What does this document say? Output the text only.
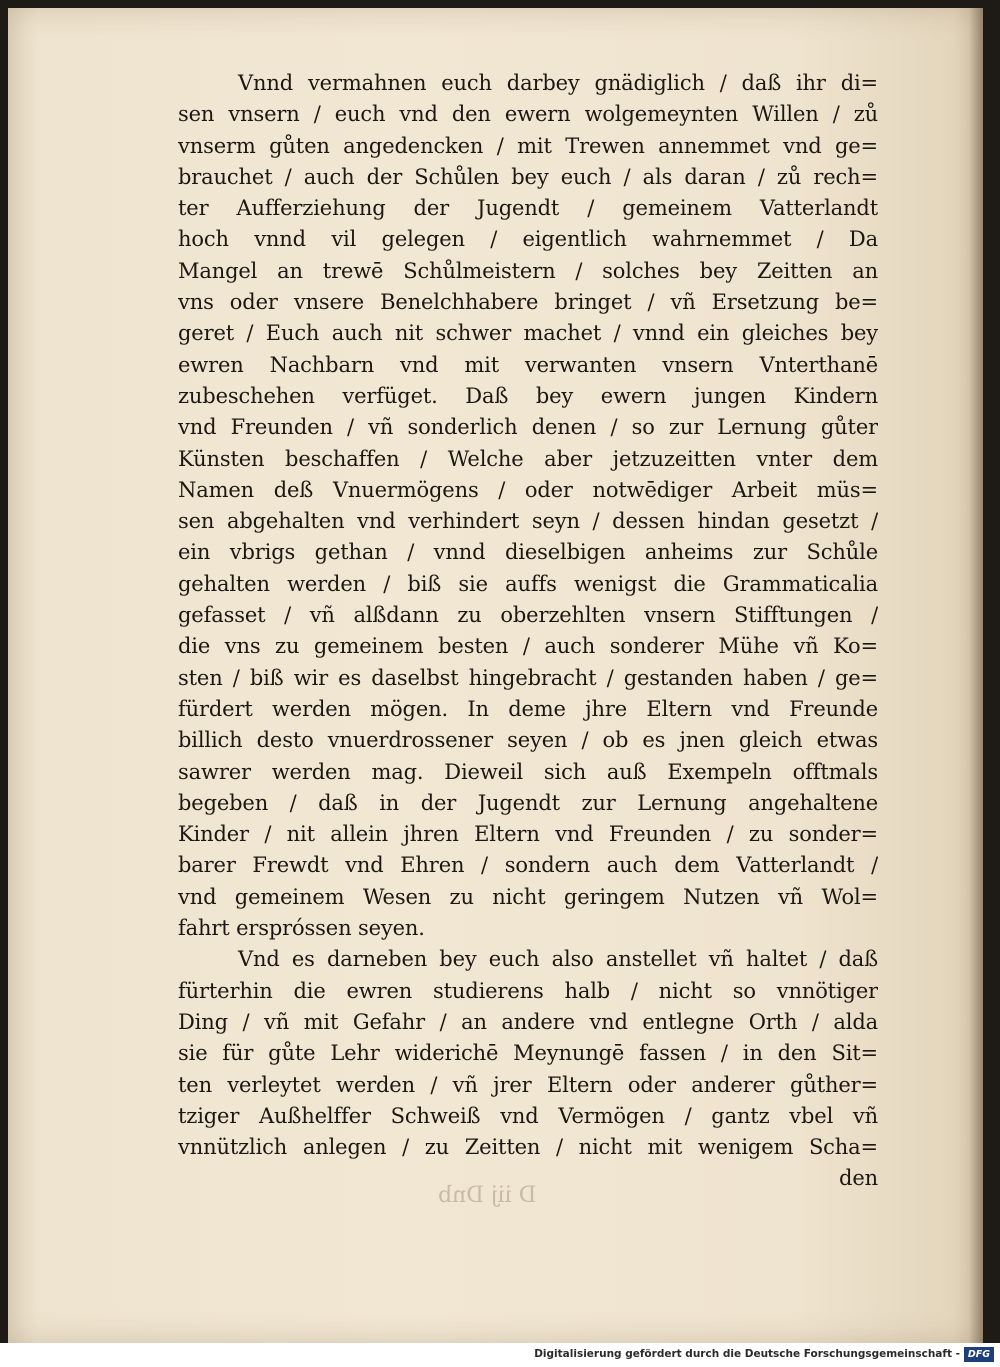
D iij Dnb
Vnnd vermahnen euch darbey gnädiglich / daß ihr di=
sen vnsern / euch vnd den ewern wolgemeynten Willen / zů
vnserm gůten angedencken / mit Trewen annemmet vnd ge=
brauchet / auch der Schůlen bey euch / als daran / zů rech=
ter Aufferziehung der Jugendt / gemeinem Vatterlandt
hoch vnnd vil gelegen / eigentlich wahrnemmet / Da
Mangel an trewē Schůlmeistern / solches bey Zeitten an
vns oder vnsere Benelchhabere bringet / vñ Ersetzung be=
geret / Euch auch nit schwer machet / vnnd ein gleiches bey
ewren Nachbarn vnd mit verwanten vnsern Vnterthanē
zubeschehen verfüget. Daß bey ewern jungen Kindern
vnd Freunden / vñ sonderlich denen / so zur Lernung gůter
Künsten beschaffen / Welche aber jetzuzeitten vnter dem
Namen deß Vnuermögens / oder notwēdiger Arbeit müs=
sen abgehalten vnd verhindert seyn / dessen hindan gesetzt /
ein vbrigs gethan / vnnd dieselbigen anheims zur Schůle
gehalten werden / biß sie auffs wenigst die Grammaticalia
gefasset / vñ alßdann zu oberzehlten vnsern Stifftungen /
die vns zu gemeinem besten / auch sonderer Mühe vñ Ko=
sten / biß wir es daselbst hingebracht / gestanden haben / ge=
fürdert werden mögen. In deme jhre Eltern vnd Freunde
billich desto vnuerdrossener seyen / ob es jnen gleich etwas
sawrer werden mag. Dieweil sich auß Exempeln offtmals
begeben / daß in der Jugendt zur Lernung angehaltene
Kinder / nit allein jhren Eltern vnd Freunden / zu sonder=
barer Frewdt vnd Ehren / sondern auch dem Vatterlandt /
vnd gemeinem Wesen zu nicht geringem Nutzen vñ Wol=
fahrt erspróssen seyen.
Vnd es darneben bey euch also anstellet vñ haltet / daß
fürterhin die ewren studierens halb / nicht so vnnötiger
Ding / vñ mit Gefahr / an andere vnd entlegne Orth / alda
sie für gůte Lehr widerichē Meynungē fassen / in den Sit=
ten verleytet werden / vñ jrer Eltern oder anderer gůther=
tziger Außhelffer Schweiß vnd Vermögen / gantz vbel vñ
vnnützlich anlegen / zu Zeitten / nicht mit wenigem Scha=
den
Digitalisierung gefördert durch die Deutsche Forschungsgemeinschaft - DFG
